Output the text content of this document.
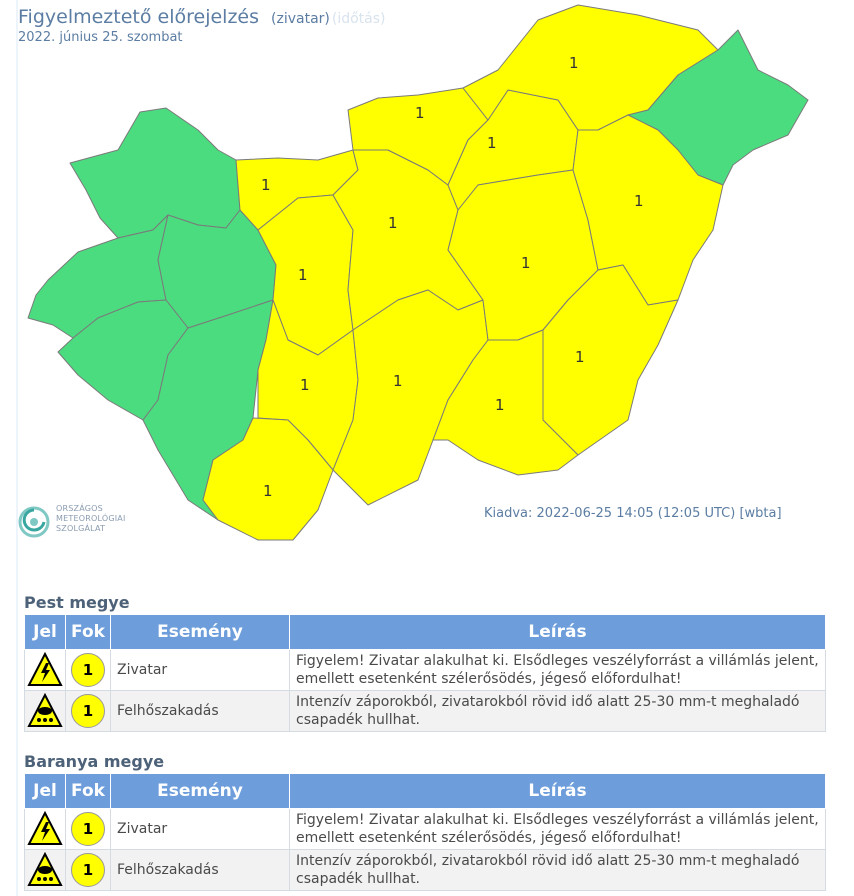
1
1
1
1
1
1
1
1
1
1
1
1
1
Figyelmeztető előrejelzés (zivatar) (időtás)
2022. június 25. szombat
Kiadva: 2022-06-25 14:05 (12:05 UTC) [wbta]
ORSZÁGOS
METEOROLÓGIAI
SZOLGÁLAT
Pest megye
Jel	Fok	Esemény	Leírás
	1	Zivatar	Figyelem! Zivatar alakulhat ki. Elsődleges veszélyforrást a villámlás jelent, emellett esetenként szélerősödés, jégeső előfordulhat!
	1	Felhőszakadás	Intenzív záporokból, zivatarokból rövid idő alatt 25-30 mm-t meghaladó csapadék hullhat.
Baranya megye
Jel	Fok	Esemény	Leírás
	1	Zivatar	Figyelem! Zivatar alakulhat ki. Elsődleges veszélyforrást a villámlás jelent, emellett esetenként szélerősödés, jégeső előfordulhat!
	1	Felhőszakadás	Intenzív záporokból, zivatarokból rövid idő alatt 25-30 mm-t meghaladó csapadék hullhat.
